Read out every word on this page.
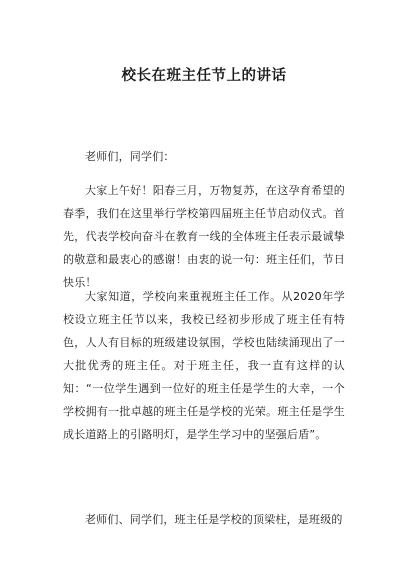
校长在班主任节上的讲话

老师们，同学们：

大家上午好！阳春三月，万物复苏，在这孕育希望的春季，我们在这里举行学校第四届班主任节启动仪式。首先，代表学校向奋斗在教育一线的全体班主任表示最诚挚的敬意和最衷心的感谢！由衷的说一句：班主任们，节日快乐！

大家知道，学校向来重视班主任工作。从2020年学校设立班主任节以来，我校已经初步形成了班主任有特色，人人有目标的班级建设氛围，学校也陆续涌现出了一大批优秀的班主任。对于班主任，我一直有这样的认知：“一位学生遇到一位好的班主任是学生的大幸，一个学校拥有一批卓越的班主任是学校的光荣。班主任是学生成长道路上的引路明灯，是学生学习中的坚强后盾”。

老师们、同学们，班主任是学校的顶梁柱，是班级的
